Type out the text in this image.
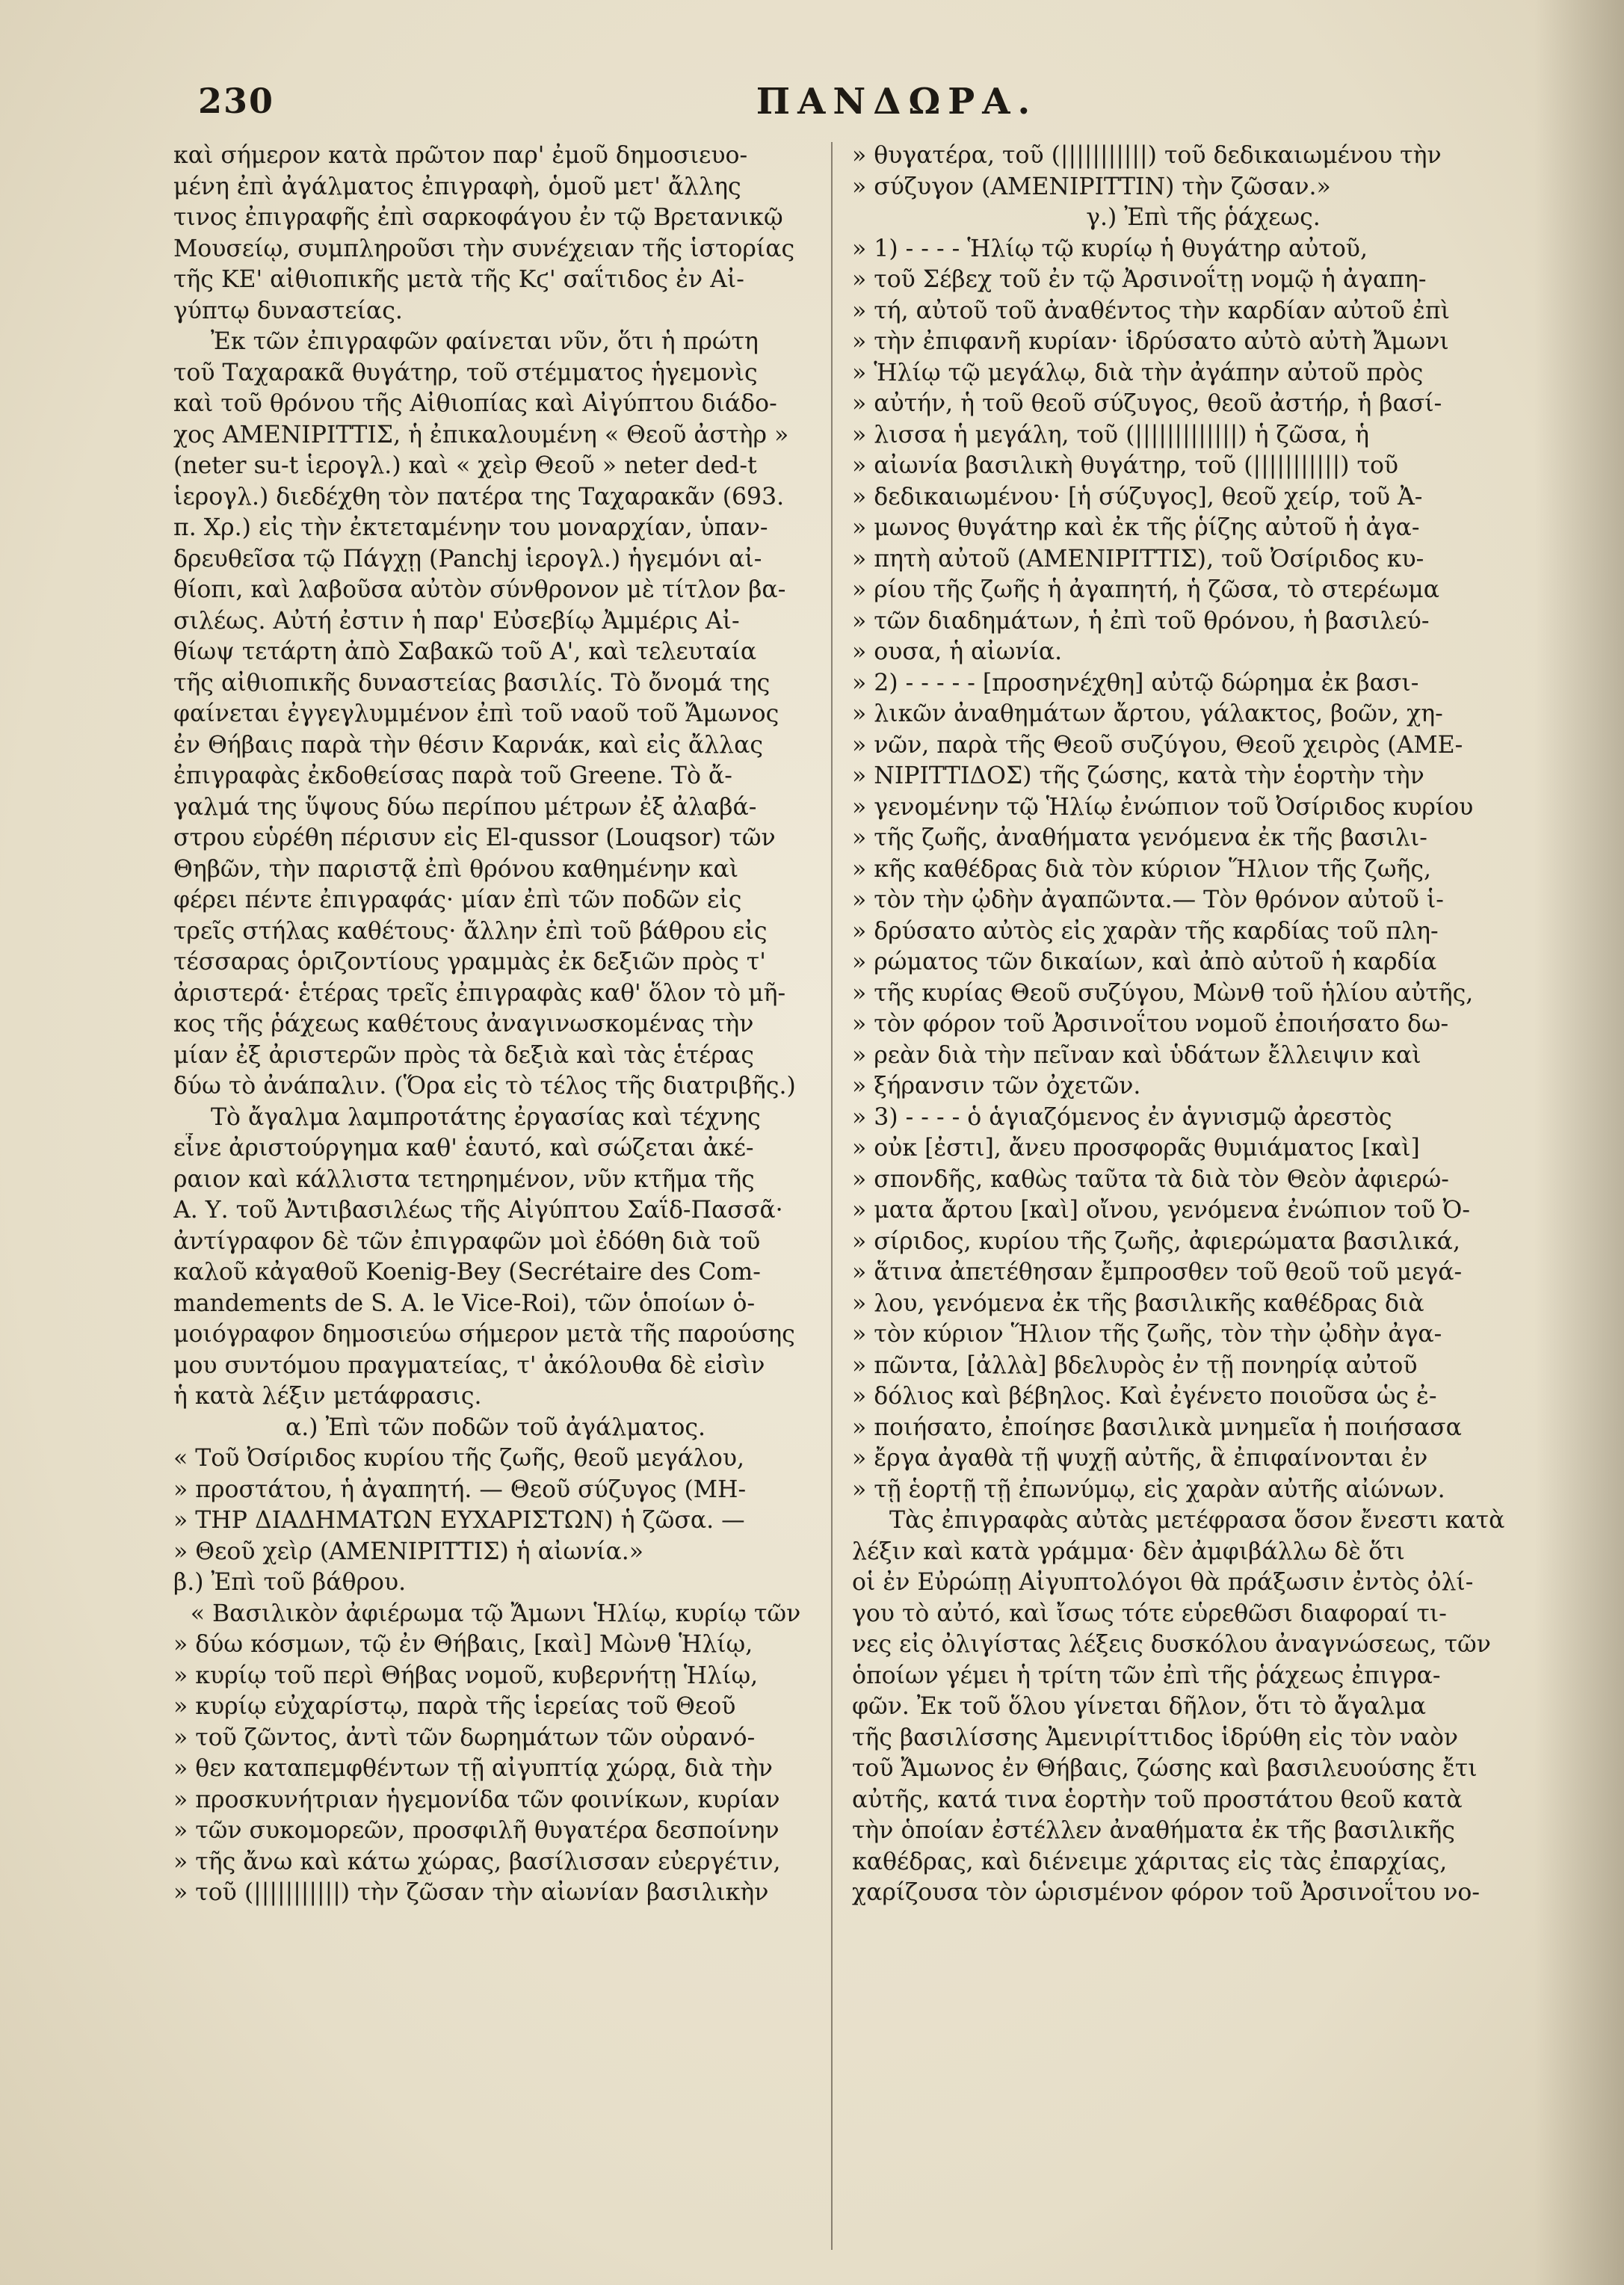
230	ΠΑΝΔΩΡΑ.
καὶ σήμερον κατὰ πρῶτον παρ' ἐμοῦ δημοσιευο-
μένη ἐπὶ ἀγάλματος ἐπιγραφὴ, ὁμοῦ μετ' ἄλλης
τινος ἐπιγραφῆς ἐπὶ σαρκοφάγου ἐν τῷ Βρετανικῷ
Μουσείῳ, συμπληροῦσι τὴν συνέχειαν τῆς ἱστορίας
τῆς ΚΕ' αἰθιοπικῆς μετὰ τῆς Κϛ' σαΐτιδος ἐν Αἰ-
γύπτῳ δυναστείας.
Ἐκ τῶν ἐπιγραφῶν φαίνεται νῦν, ὅτι ἡ πρώτη
τοῦ Ταχαρακᾶ θυγάτηρ, τοῦ στέμματος ἡγεμονὶς
καὶ τοῦ θρόνου τῆς Αἰθιοπίας καὶ Αἰγύπτου διάδο-
χος ΑΜΕΝΙΡΙΤΤΙΣ, ἡ ἐπικαλουμένη « Θεοῦ ἀστὴρ »
(neter su-t ἱερογλ.) καὶ « χεὶρ Θεοῦ » neter ded-t
ἱερογλ.) διεδέχθη τὸν πατέρα της Ταχαρακᾶν (693.
π. Χρ.) εἰς τὴν ἐκτεταμένην του μοναρχίαν, ὑπαν-
δρευθεῖσα τῷ Πάγχῃ (Panchj ἱερογλ.) ἡγεμόνι αἰ-
θίοπι, καὶ λαβοῦσα αὐτὸν σύνθρονον μὲ τίτλον βα-
σιλέως. Αὐτή ἐστιν ἡ παρ' Εὐσεβίῳ Ἀμμέρις Αἰ-
θίωψ τετάρτη ἀπὸ Σαβακῶ τοῦ Α', καὶ τελευταία
τῆς αἰθιοπικῆς δυναστείας βασιλίς. Τὸ ὄνομά της
φαίνεται ἐγγεγλυμμένον ἐπὶ τοῦ ναοῦ τοῦ Ἄμωνος
ἐν Θήβαις παρὰ τὴν θέσιν Καρνάκ, καὶ εἰς ἄλλας
ἐπιγραφὰς ἐκδοθείσας παρὰ τοῦ Greene. Τὸ ἄ-
γαλμά της ὕψους δύω περίπου μέτρων ἐξ ἀλαβά-
στρου εὑρέθη πέρισυν εἰς El-qussor (Louqsor) τῶν
Θηβῶν, τὴν παριστᾷ ἐπὶ θρόνου καθημένην καὶ
φέρει πέντε ἐπιγραφάς· μίαν ἐπὶ τῶν ποδῶν εἰς
τρεῖς στήλας καθέτους· ἄλλην ἐπὶ τοῦ βάθρου εἰς
τέσσαρας ὁριζοντίους γραμμὰς ἐκ δεξιῶν πρὸς τ'
ἀριστερά· ἑτέρας τρεῖς ἐπιγραφὰς καθ' ὅλον τὸ μῆ-
κος τῆς ῥάχεως καθέτους ἀναγινωσκομένας τὴν
μίαν ἐξ ἀριστερῶν πρὸς τὰ δεξιὰ καὶ τὰς ἑτέρας
δύω τὸ ἀνάπαλιν. (Ὅρα εἰς τὸ τέλος τῆς διατριβῆς.)
Τὸ ἄγαλμα λαμπροτάτης ἐργασίας καὶ τέχνης
εἶνε ἀριστούργημα καθ' ἑαυτό, καὶ σώζεται ἀκέ-
ραιον καὶ κάλλιστα τετηρημένον, νῦν κτῆμα τῆς
Α. Υ. τοῦ Ἀντιβασιλέως τῆς Αἰγύπτου Σαΐδ-Πασσᾶ·
ἀντίγραφον δὲ τῶν ἐπιγραφῶν μοὶ ἐδόθη διὰ τοῦ
καλοῦ κἀγαθοῦ Koenig-Bey (Secrétaire des Com-
mandements de S. A. le Vice-Roi), τῶν ὁποίων ὁ-
μοιόγραφον δημοσιεύω σήμερον μετὰ τῆς παρούσης
μου συντόμου πραγματείας, τ' ἀκόλουθα δὲ εἰσὶν
ἡ κατὰ λέξιν μετάφρασις.
α.) Ἐπὶ τῶν ποδῶν τοῦ ἀγάλματος.
« Τοῦ Ὀσίριδος κυρίου τῆς ζωῆς, θεοῦ μεγάλου,
» προστάτου, ἡ ἀγαπητή. — Θεοῦ σύζυγος (ΜΗ-
» ΤΗΡ ΔΙΑΔΗΜΑΤΩΝ ΕΥΧΑΡΙΣΤΩΝ) ἡ ζῶσα. —
» Θεοῦ χεὶρ (ΑΜΕΝΙΡΙΤΤΙΣ) ἡ αἰωνία.»
β.) Ἐπὶ τοῦ βάθρου.
« Βασιλικὸν ἀφιέρωμα τῷ Ἄμωνι Ἡλίῳ, κυρίῳ τῶν
» δύω κόσμων, τῷ ἐν Θήβαις, [καὶ] Μὼνθ Ἡλίῳ,
» κυρίῳ τοῦ περὶ Θήβας νομοῦ, κυβερνήτῃ Ἡλίῳ,
» κυρίῳ εὐχαρίστῳ, παρὰ τῆς ἱερείας τοῦ Θεοῦ
» τοῦ ζῶντος, ἀντὶ τῶν δωρημάτων τῶν οὐρανό-
» θεν καταπεμφθέντων τῇ αἰγυπτίᾳ χώρᾳ, διὰ τὴν
» προσκυνήτριαν ἡγεμονίδα τῶν φοινίκων, κυρίαν
» τῶν συκομορεῶν, προσφιλῆ θυγατέρα δεσποίνην
» τῆς ἄνω καὶ κάτω χώρας, βασίλισσαν εὐεργέτιν,
» τοῦ (|||||||||||) τὴν ζῶσαν τὴν αἰωνίαν βασιλικὴν
» θυγατέρα, τοῦ (|||||||||||) τοῦ δεδικαιωμένου τὴν
» σύζυγον (ΑΜΕΝΙΡΙΤΤΙΝ) τὴν ζῶσαν.»
γ.) Ἐπὶ τῆς ῥάχεως.
» 1) - - - - Ἡλίῳ τῷ κυρίῳ ἡ θυγάτηρ αὐτοῦ,
» τοῦ Σέβεχ τοῦ ἐν τῷ Ἀρσινοΐτῃ νομῷ ἡ ἀγαπη-
» τή, αὐτοῦ τοῦ ἀναθέντος τὴν καρδίαν αὐτοῦ ἐπὶ
» τὴν ἐπιφανῆ κυρίαν· ἱδρύσατο αὐτὸ αὐτὴ Ἄμωνι
» Ἡλίῳ τῷ μεγάλῳ, διὰ τὴν ἀγάπην αὐτοῦ πρὸς
» αὐτήν, ἡ τοῦ θεοῦ σύζυγος, θεοῦ ἀστήρ, ἡ βασί-
» λισσα ἡ μεγάλη, τοῦ (|||||||||||||) ἡ ζῶσα, ἡ
» αἰωνία βασιλικὴ θυγάτηρ, τοῦ (|||||||||||) τοῦ
» δεδικαιωμένου· [ἡ σύζυγος], θεοῦ χείρ, τοῦ Ἀ-
» μωνος θυγάτηρ καὶ ἐκ τῆς ῥίζης αὐτοῦ ἡ ἀγα-
» πητὴ αὐτοῦ (ΑΜΕΝΙΡΙΤΤΙΣ), τοῦ Ὀσίριδος κυ-
» ρίου τῆς ζωῆς ἡ ἀγαπητή, ἡ ζῶσα, τὸ στερέωμα
» τῶν διαδημάτων, ἡ ἐπὶ τοῦ θρόνου, ἡ βασιλεύ-
» ουσα, ἡ αἰωνία.
» 2) - - - - - [προσηνέχθη] αὐτῷ δώρημα ἐκ βασι-
» λικῶν ἀναθημάτων ἄρτου, γάλακτος, βοῶν, χη-
» νῶν, παρὰ τῆς Θεοῦ συζύγου, Θεοῦ χειρὸς (ΑΜΕ-
» ΝΙΡΙΤΤΙΔΟΣ) τῆς ζώσης, κατὰ τὴν ἑορτὴν τὴν
» γενομένην τῷ Ἡλίῳ ἐνώπιον τοῦ Ὀσίριδος κυρίου
» τῆς ζωῆς, ἀναθήματα γενόμενα ἐκ τῆς βασιλι-
» κῆς καθέδρας διὰ τὸν κύριον Ἥλιον τῆς ζωῆς,
» τὸν τὴν ᾠδὴν ἀγαπῶντα.— Τὸν θρόνον αὐτοῦ ἱ-
» δρύσατο αὐτὸς εἰς χαρὰν τῆς καρδίας τοῦ πλη-
» ρώματος τῶν δικαίων, καὶ ἀπὸ αὐτοῦ ἡ καρδία
» τῆς κυρίας Θεοῦ συζύγου, Μὼνθ τοῦ ἡλίου αὐτῆς,
» τὸν φόρον τοῦ Ἀρσινοΐτου νομοῦ ἐποιήσατο δω-
» ρεὰν διὰ τὴν πεῖναν καὶ ὑδάτων ἔλλειψιν καὶ
» ξήρανσιν τῶν ὀχετῶν.
» 3) - - - - ὁ ἁγιαζόμενος ἐν ἁγνισμῷ ἀρεστὸς
» οὐκ [ἐστι], ἄνευ προσφορᾶς θυμιάματος [καὶ]
» σπονδῆς, καθὼς ταῦτα τὰ διὰ τὸν Θεὸν ἀφιερώ-
» ματα ἄρτου [καὶ] οἴνου, γενόμενα ἐνώπιον τοῦ Ὀ-
» σίριδος, κυρίου τῆς ζωῆς, ἀφιερώματα βασιλικά,
» ἅτινα ἀπετέθησαν ἔμπροσθεν τοῦ θεοῦ τοῦ μεγά-
» λου, γενόμενα ἐκ τῆς βασιλικῆς καθέδρας διὰ
» τὸν κύριον Ἥλιον τῆς ζωῆς, τὸν τὴν ᾠδὴν ἀγα-
» πῶντα, [ἀλλὰ] βδελυρὸς ἐν τῇ πονηρίᾳ αὐτοῦ
» δόλιος καὶ βέβηλος. Καὶ ἐγένετο ποιοῦσα ὡς ἐ-
» ποιήσατο, ἐποίησε βασιλικὰ μνημεῖα ἡ ποιήσασα
» ἔργα ἀγαθὰ τῇ ψυχῇ αὐτῆς, ἃ ἐπιφαίνονται ἐν
» τῇ ἑορτῇ τῇ ἐπωνύμῳ, εἰς χαρὰν αὐτῆς αἰώνων.
Τὰς ἐπιγραφὰς αὐτὰς μετέφρασα ὅσον ἔνεστι κατὰ
λέξιν καὶ κατὰ γράμμα· δὲν ἀμφιβάλλω δὲ ὅτι
οἱ ἐν Εὐρώπῃ Αἰγυπτολόγοι θὰ πράξωσιν ἐντὸς ὀλί-
γου τὸ αὐτό, καὶ ἴσως τότε εὑρεθῶσι διαφοραί τι-
νες εἰς ὀλιγίστας λέξεις δυσκόλου ἀναγνώσεως, τῶν
ὁποίων γέμει ἡ τρίτη τῶν ἐπὶ τῆς ῥάχεως ἐπιγρα-
φῶν. Ἐκ τοῦ ὅλου γίνεται δῆλον, ὅτι τὸ ἄγαλμα
τῆς βασιλίσσης Ἀμενιρίττιδος ἱδρύθη εἰς τὸν ναὸν
τοῦ Ἄμωνος ἐν Θήβαις, ζώσης καὶ βασιλευούσης ἔτι
αὐτῆς, κατά τινα ἑορτὴν τοῦ προστάτου θεοῦ κατὰ
τὴν ὁποίαν ἐστέλλεν ἀναθήματα ἐκ τῆς βασιλικῆς
καθέδρας, καὶ διένειμε χάριτας εἰς τὰς ἐπαρχίας,
χαρίζουσα τὸν ὡρισμένον φόρον τοῦ Ἀρσινοΐτου νο-
